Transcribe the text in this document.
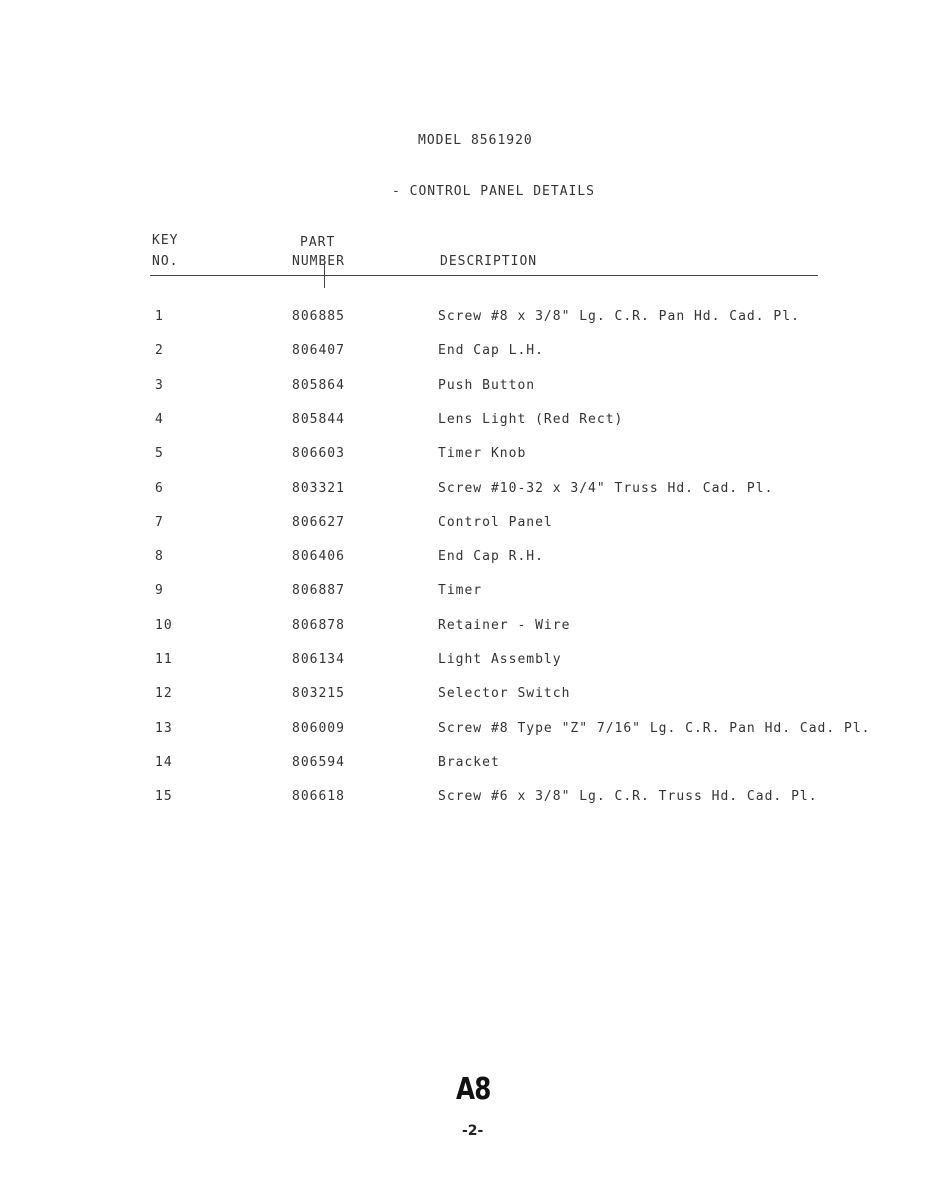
MODEL 8561920
- CONTROL PANEL DETAILS
KEY
NO.
PART
NUMBER	DESCRIPTION
1	806885	Screw #8 x 3/8" Lg. C.R. Pan Hd. Cad. Pl.
2	806407	End Cap L.H.
3	805864	Push Button
4	805844	Lens Light (Red Rect)
5	806603	Timer Knob
6	803321	Screw #10-32 x 3/4" Truss Hd. Cad. Pl.
7	806627	Control Panel
8	806406	End Cap R.H.
9	806887	Timer
10	806878	Retainer - Wire
11	806134	Light Assembly
12	803215	Selector Switch
13	806009	Screw #8 Type "Z" 7/16" Lg. C.R. Pan Hd. Cad. Pl.
14	806594	Bracket
15	806618	Screw #6 x 3/8" Lg. C.R. Truss Hd. Cad. Pl.
A8
-2-
